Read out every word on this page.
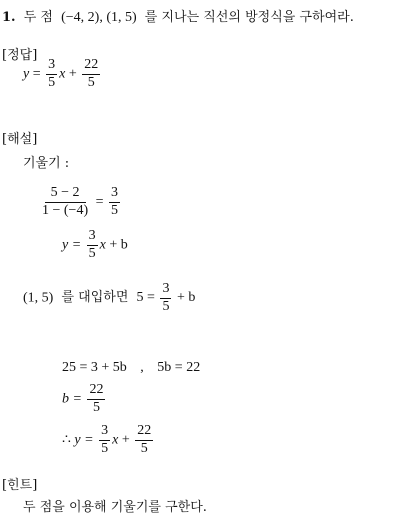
1. 두 점 (−4, 2), (1, 5) 를 지나는 직선의 방정식을 구하여라.
[정답]
$y = \frac{3}{5}$ $x + \frac{22}{5}$
[해설]
기울기 :
$\frac{5 - 2}{1 - (-4)} = \frac{3}{5}$
$y = \frac{3}{5}$ x + b
(1, 5) 를 대입하면 $5 = \frac{3}{5} + b$
25 = 3 + 5b , 5b = 22
$b = \frac{22}{5}$
∴ $y = \frac{3}{5}$ $x + \frac{22}{5}$
[힌트]
두 점을 이용해 기울기를 구한다.
